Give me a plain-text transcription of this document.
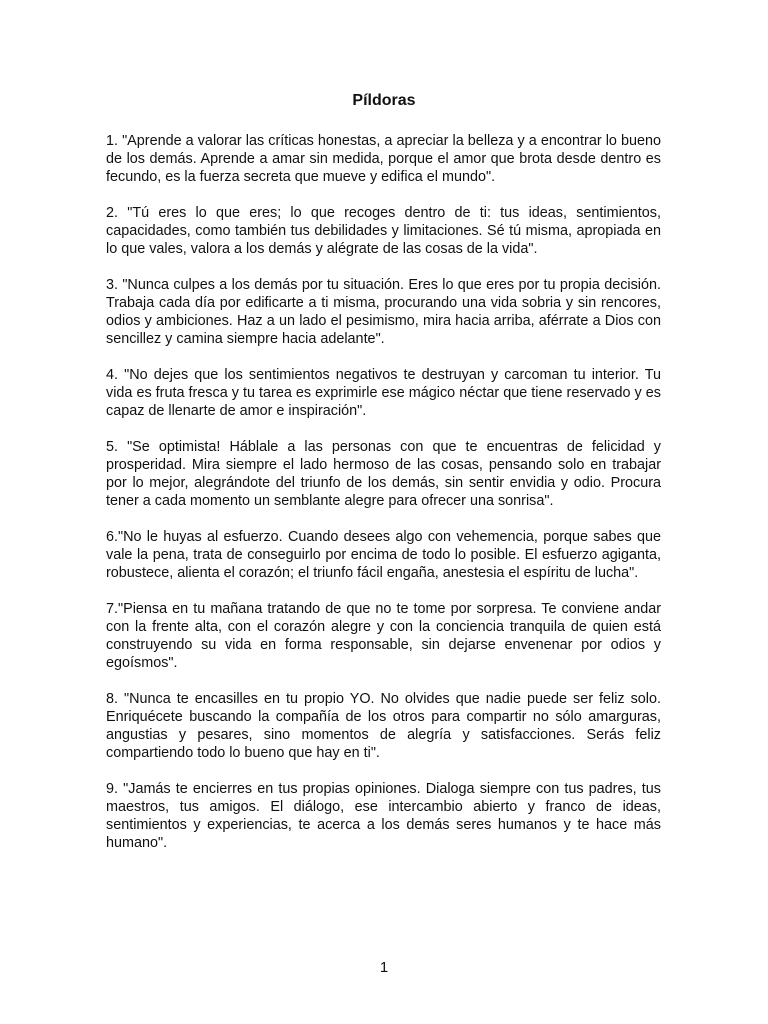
Píldoras

1. "Aprende a valorar las críticas honestas, a apreciar la belleza y a encontrar lo bueno de los demás. Aprende a amar sin medida, porque el amor que brota desde dentro es fecundo, es la fuerza secreta que mueve y edifica el mundo".

2. "Tú eres lo que eres; lo que recoges dentro de ti: tus ideas, sentimientos, capacidades, como también tus debilidades y limitaciones. Sé tú misma, apropiada en lo que vales, valora a los demás y alégrate de las cosas de la vida".

3. "Nunca culpes a los demás por tu situación. Eres lo que eres por tu propia decisión. Trabaja cada día por edificarte a ti misma, procurando una vida sobria y sin rencores, odios y ambiciones. Haz a un lado el pesimismo, mira hacia arriba, aférrate a Dios con sencillez y camina siempre hacia adelante".

4. "No dejes que los sentimientos negativos te destruyan y carcoman tu interior. Tu vida es fruta fresca y tu tarea es exprimirle ese mágico néctar que tiene reservado y es capaz de llenarte de amor e inspiración".

5. "Se optimista! Háblale a las personas con que te encuentras de felicidad y prosperidad. Mira siempre el lado hermoso de las cosas, pensando solo en trabajar por lo mejor, alegrándote del triunfo de los demás, sin sentir envidia y odio. Procura tener a cada momento un semblante alegre para ofrecer una sonrisa".

6."No le huyas al esfuerzo. Cuando desees algo con vehemencia, porque sabes que vale la pena, trata de conseguirlo por encima de todo lo posible. El esfuerzo agiganta, robustece, alienta el corazón; el triunfo fácil engaña, anestesia el espíritu de lucha".

7."Piensa en tu mañana tratando de que no te tome por sorpresa. Te conviene andar con la frente alta, con el corazón alegre y con la conciencia tranquila de quien está construyendo su vida en forma responsable, sin dejarse envenenar por odios y egoísmos".

8. "Nunca te encasilles en tu propio YO. No olvides que nadie puede ser feliz solo. Enriquécete buscando la compañía de los otros para compartir no sólo amarguras, angustias y pesares, sino momentos de alegría y satisfacciones. Serás feliz compartiendo todo lo bueno que hay en ti".

9. "Jamás te encierres en tus propias opiniones. Dialoga siempre con tus padres, tus maestros, tus amigos. El diálogo, ese intercambio abierto y franco de ideas, sentimientos y experiencias, te acerca a los demás seres humanos y te hace más humano".

1
